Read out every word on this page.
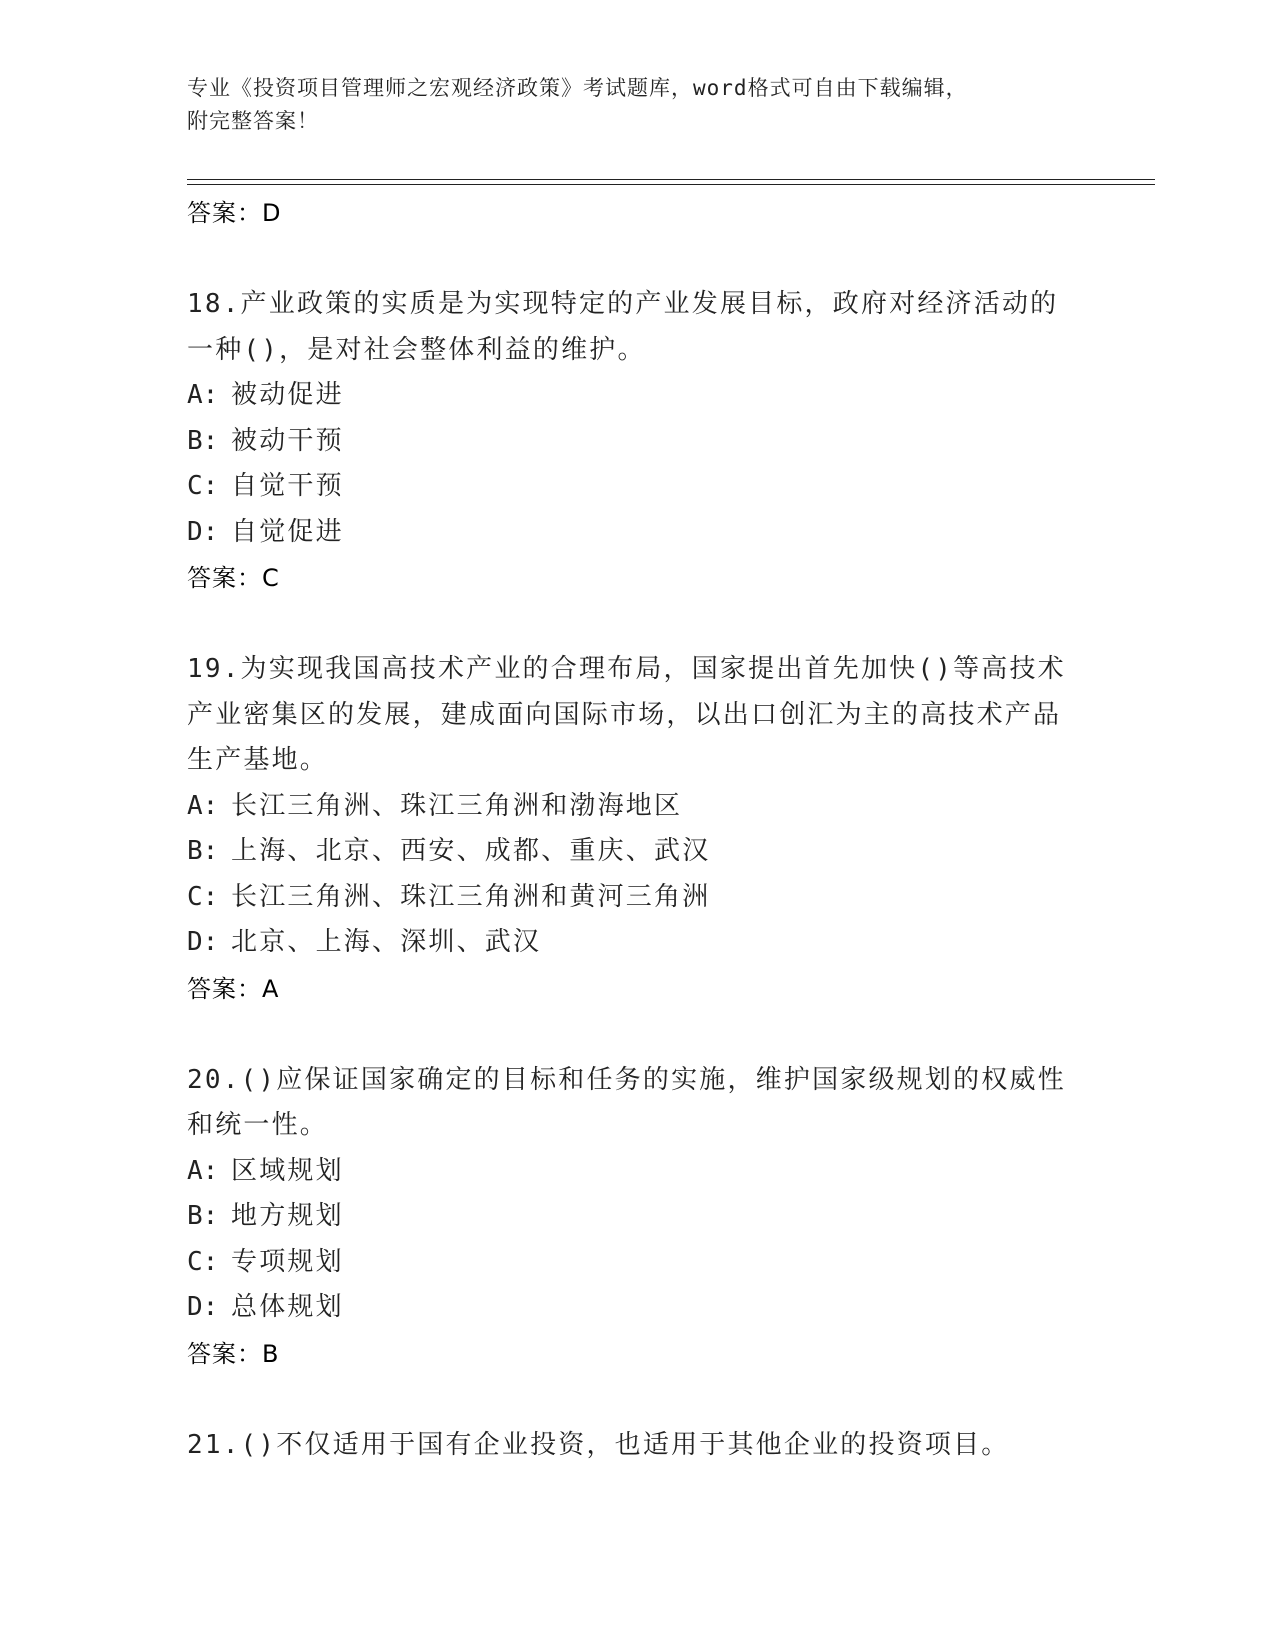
专业《投资项目管理师之宏观经济政策》考试题库，word格式可自由下载编辑，
附完整答案！

答案：D

18.产业政策的实质是为实现特定的产业发展目标，政府对经济活动的一种()，是对社会整体利益的维护。

A: 被动促进

B: 被动干预

C: 自觉干预

D: 自觉促进

答案：C

19.为实现我国高技术产业的合理布局，国家提出首先加快()等高技术产业密集区的发展，建成面向国际市场，以出口创汇为主的高技术产品生产基地。

A: 长江三角洲、珠江三角洲和渤海地区

B: 上海、北京、西安、成都、重庆、武汉

C: 长江三角洲、珠江三角洲和黄河三角洲

D: 北京、上海、深圳、武汉

答案：A

20.()应保证国家确定的目标和任务的实施，维护国家级规划的权威性和统一性。

A: 区域规划

B: 地方规划

C: 专项规划

D: 总体规划

答案：B

21.()不仅适用于国有企业投资，也适用于其他企业的投资项目。
